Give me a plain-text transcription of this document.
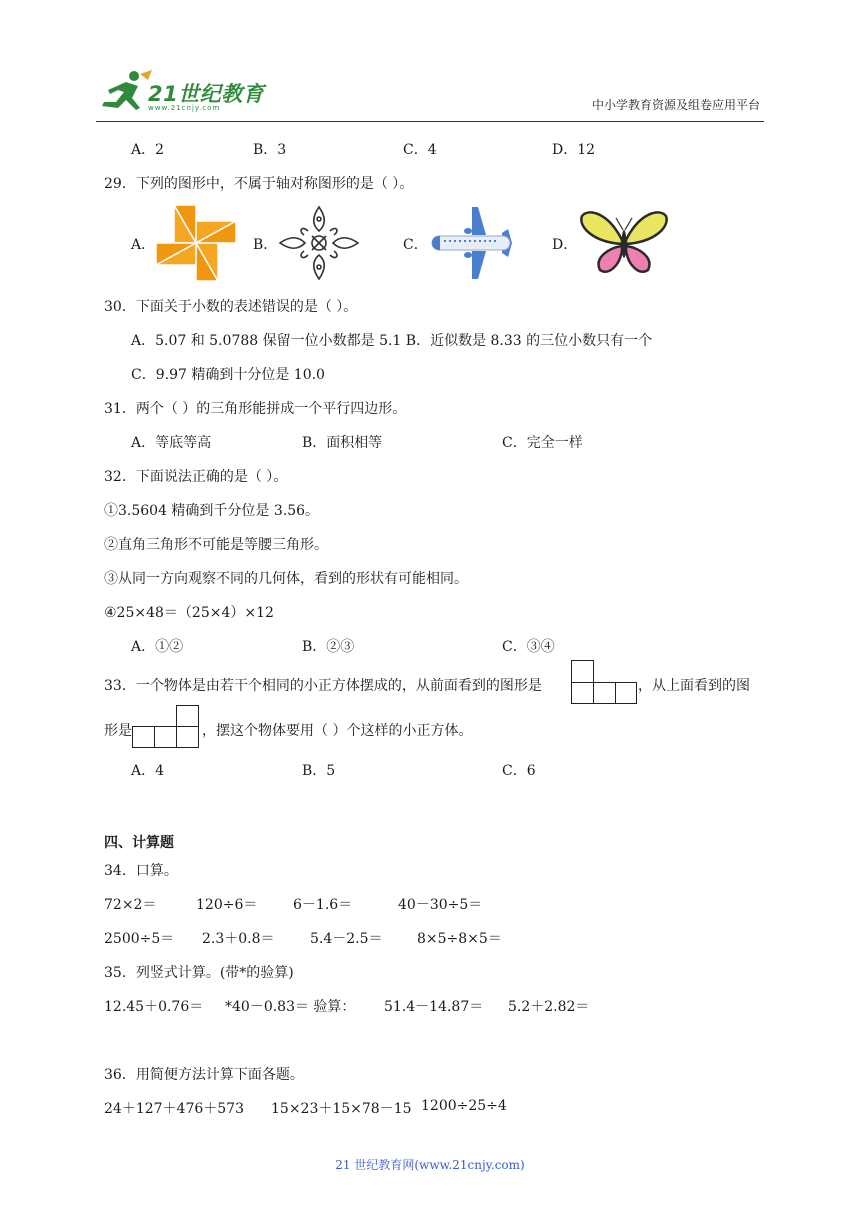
21世纪教育
www.21cnjy.com	中小学教育资源及组卷应用平台
A．2	B．3	C．4	D．12
29．下列的图形中，不属于轴对称图形的是（ ）。
A．	B．	C．	D．
30．下面关于小数的表述错误的是（ ）。
A．5.07 和 5.0788 保留一位小数都是 5.1 B．近似数是 8.33 的三位小数只有一个
C．9.97 精确到十分位是 10.0
31．两个（ ）的三角形能拼成一个平行四边形。
A．等底等高	B．面积相等	C．完全一样
32．下面说法正确的是（ ）。
①3.5604 精确到千分位是 3.56。
②直角三角形不可能是等腰三角形。
③从同一方向观察不同的几何体，看到的形状有可能相同。
④25×48＝（25×4）×12
A．①②	B．②③	C．③④
33．一个物体是由若干个相同的小正方体摆成的，从前面看到的图形是	，从上面看到的图
形是	，摆这个物体要用（ ）个这样的小正方体。
A．4	B．5	C．6
四、计算题
34．口算。
72×2＝	120÷6＝	6－1.6＝	40－30÷5＝
2500÷5＝ 2.3＋0.8＝	5.4－2.5＝ 8×5÷8×5＝
35．列竖式计算。(带*的验算)
12.45＋0.76＝ *40－0.83＝ 验算： 51.4－14.87＝ 5.2＋2.82＝
36．用简便方法计算下面各题。
24＋127＋476＋573 15×23＋15×78－15 1200÷25÷4
21 世纪教育网(www.21cnjy.com)
